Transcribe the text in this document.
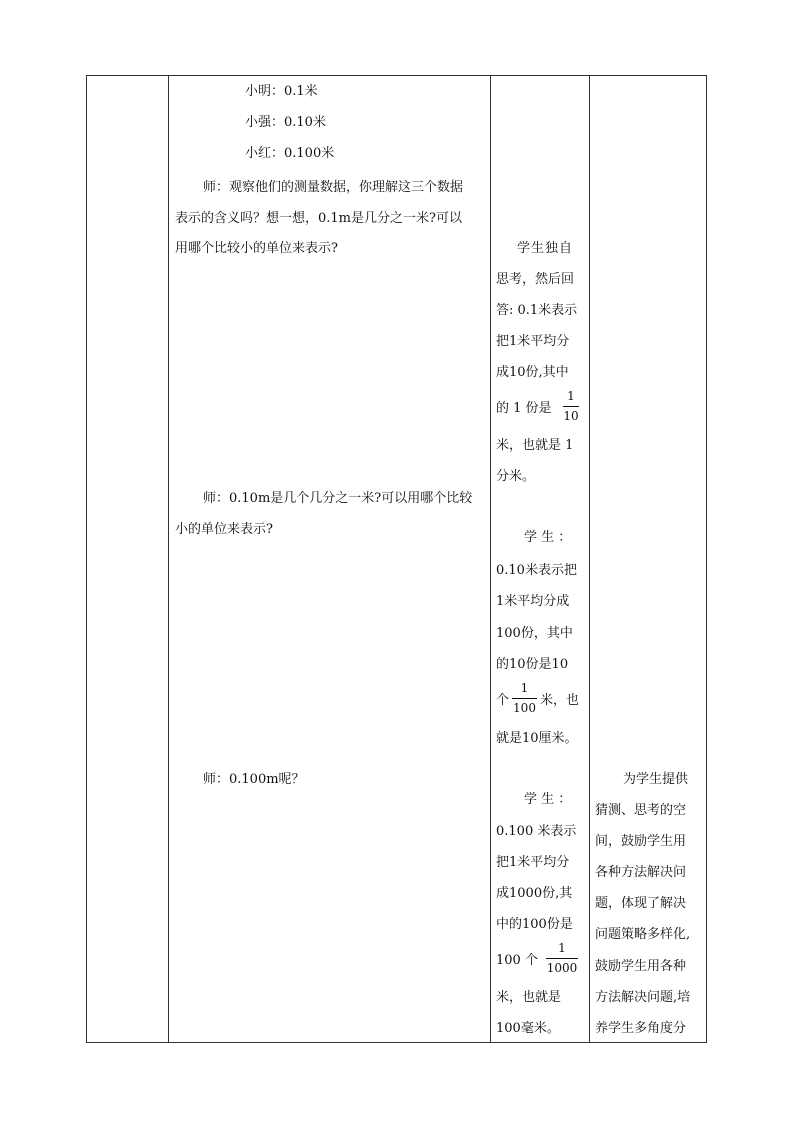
小明：0.1米
小强：0.10米
小红：0.100米
师：观察他们的测量数据，你理解这三个数据
表示的含义吗？想一想，0.1m是几分之一米?可以
用哪个比较小的单位来表示?
师：0.10m是几个几分之一米?可以用哪个比较
小的单位来表示?
师：0.100m呢？
学生独自
思考，然后回
答: 0.1米表示
把1米平均分
成10份,其中
的 1 份是
1
10
米，也就是 1
分米。
学 生 ：
0.10米表示把
1米平均分成
100份，其中
的10份是10
个
1
100 米，也
就是10厘米。
学 生 ：
0.100 米表示
把1米平均分
成1000份,其
中的100份是
100 个
1
1000
米，也就是
100毫米。
为学生提供
猜测、思考的空
间，鼓励学生用
各种方法解决问
题，体现了解决
问题策略多样化,
鼓励学生用各种
方法解决问题,培
养学生多角度分
